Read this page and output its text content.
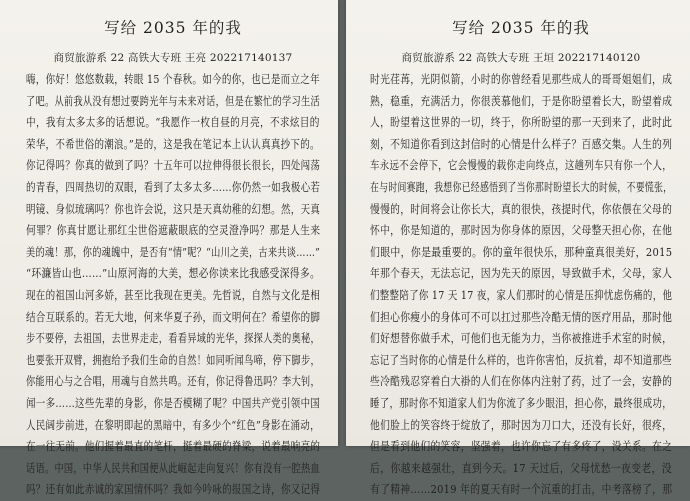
写给 2035 年的我
商贸旅游系 22 高铁大专班 王亮 202217140137
嗨，你好！悠悠数载，转眼 15 个春秋。如今的你，也已是而立之年
了吧。从前我从没有想过要跨光年与未来对话，但是在繁忙的学习生活
中，我有太多太多的话想说。“我愿作一枚自昼的月亮，不求炫目的
荣华，不希世俗的潮浪。”是的，这是我在笔记本上认认真真抄下的。
你记得吗？你真的做到了吗？十五年可以拉伸得很长很长，四处闯荡
的青春，四周热切的双眼，看到了太多太多……你仍然一如我极心若
明镜、身似琉璃吗？你也许会说，这只是天真幼稚的幻想。然，天真
何罪？你真甘愿让那红尘世俗遮蔽眼底的空灵澄净吗？那是人生来
美的魂！那，你的魂魄中，是否有“情”呢？“山川之美，古来共谈……”
“环濂皆山也……”山原河海的大美，想必你读来比我感受深得多。
现在的祖国山河多娇，甚至比我现在更美。先哲说，自然与文化是相
结合互联系的。若无大地，何来华夏子孙，而文明何在？希望你的脚
步不要停，去祖国，去世界走走，看看异域的光华，探探人类的奥秘，
也要张开双臂，拥抱给予我们生命的自然！如同听闻鸟啼，停下脚步，
你能用心与之合唱，用魂与自然共鸣。还有，你记得鲁迅吗？李大钊，
闻一多……这些先辈的身影，你是否模糊了呢？中国共产党引领中国
人民阔步前进，在黎明即起的黑暗中，有多少个“红色”身影在涌动，
在一往无前。他们握着最直的笔杆，挺着最硬的脊梁，说着最响亮的
话语。中国，中华人民共和国便从此崛起走向复兴！你有没有一腔热血
吗？还有如此赤诚的家国情怀吗？我如今吟咏的报国之诗，你又记得
写给 2035 年的我
商贸旅游系 22 高铁大专班 王垣 202217140120
时光荏苒，光阴似箭，小时的你曾经看见那些成人的哥哥姐姐们，成
熟，稳重，充满活力，你很羡慕他们，于是你盼望着长大，盼望着成
人，盼望着这世界的一切，终于，你所盼望的那一天到来了，此时此
刻，不知道你看到这封信时的心情是什么样子？百感交集。人生的列
车永远不会停下，它会慢慢的载你走向终点，这趟列车只有你一个人，
在与时间赛跑，我想你已经感悟到了当你那时盼望长大的时候，不要慌张，
慢慢的，时间将会让你长大，真的很快，孩提时代，你依偎在父母的
怀中，你是知道的，那时因为你身体的原因，父母整天担心你，在他
们眼中，你是最重要的。你的童年很快乐，那种童真很美好，2015
年那个春天，无法忘记，因为先天的原因，导致做手术，父母，家人
们整整陪了你 17 天 17 夜，家人们那时的心情是压抑忧虑伤痛的，他
们担心你瘦小的身体可不可以扛过那些冷酷无情的医疗用品，那时他
们好想替你做手术，可他们也无能为力，当你被推进手术室的时候，
忘记了当时你的心情是什么样的，也许你害怕，反抗着，却不知道那些
些冷酷残忍穿着白大褂的人们在你体内注射了药，过了一会，安静的
睡了，那时你不知道家人们为你流了多少眼泪，担心你，最终很成功，
他们脸上的笑容终于绽放了，那时因为刀口大，还没有长好，很疼，
但是看到他们的笑容，坚强着，也许你忘了有多疼了，没关系。在之
后，你越来越强壮，直到今天。17 天过后，父母忧愁一夜变老，没
有了精神……2019 年的夏天有时一个沉重的打击，中考落榜了，那
